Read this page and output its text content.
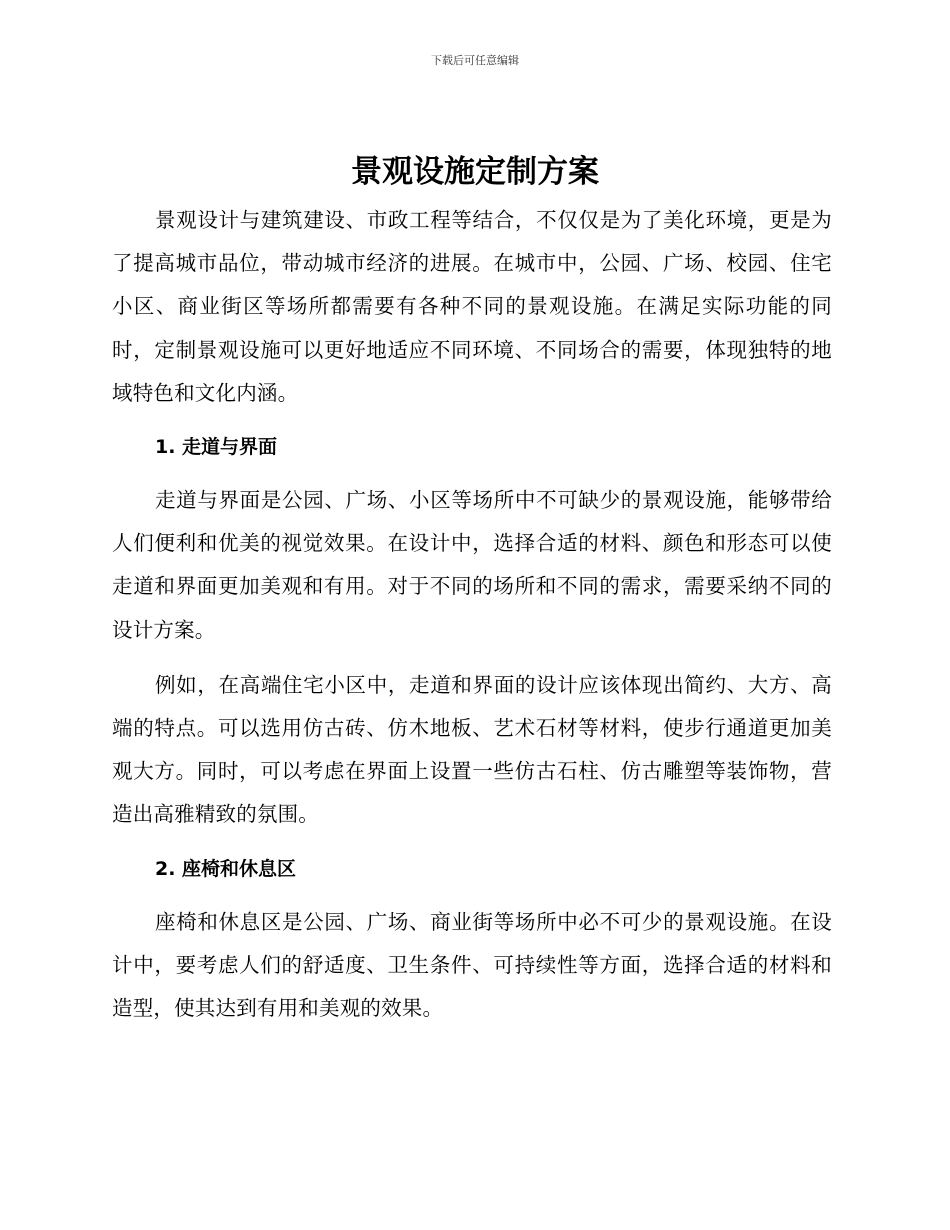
下载后可任意编辑
景观设施定制方案

景观设计与建筑建设、市政工程等结合，不仅仅是为了美化环境，更是为了提高城市品位，带动城市经济的进展。在城市中，公园、广场、校园、住宅小区、商业街区等场所都需要有各种不同的景观设施。在满足实际功能的同时，定制景观设施可以更好地适应不同环境、不同场合的需要，体现独特的地域特色和文化内涵。

1. 走道与界面

走道与界面是公园、广场、小区等场所中不可缺少的景观设施，能够带给人们便利和优美的视觉效果。在设计中，选择合适的材料、颜色和形态可以使走道和界面更加美观和有用。对于不同的场所和不同的需求，需要采纳不同的设计方案。

例如，在高端住宅小区中，走道和界面的设计应该体现出简约、大方、高端的特点。可以选用仿古砖、仿木地板、艺术石材等材料，使步行通道更加美观大方。同时，可以考虑在界面上设置一些仿古石柱、仿古雕塑等装饰物，营造出高雅精致的氛围。

2. 座椅和休息区

座椅和休息区是公园、广场、商业街等场所中必不可少的景观设施。在设计中，要考虑人们的舒适度、卫生条件、可持续性等方面，选择合适的材料和造型，使其达到有用和美观的效果。
